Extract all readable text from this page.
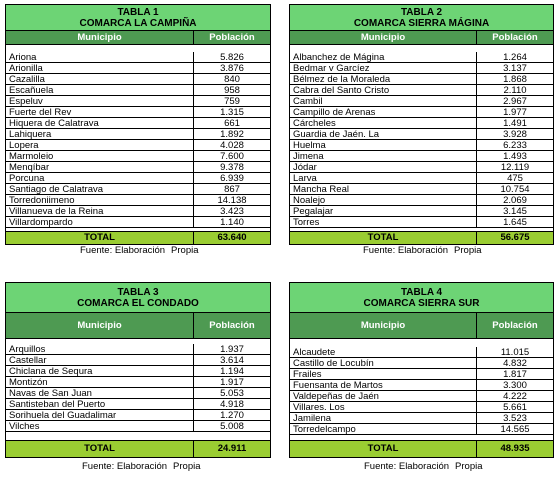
TABLA 1
COMARCA LA CAMPIÑA
Municipio	Población
Ariona	5.826
Arionilla	3.876
Cazalilla	840
Escañuela	958
Espeluv	759
Fuerte del Rev	1.315
Hiquera de Calatrava	661
Lahiquera	1.892
Lopera	4.028
Marmoleio	7.600
Menqíbar	9.378
Porcuna	6.939
Santiago de Calatrava	867
Torredoniimeno	14.138
Villanueva de la Reina	3.423
Villardompardo	1.140
TOTAL	63.640
Fuente: Elaboración Propia
TABLA 2
COMARCA SIERRA MÁGINA
Municipio	Población
Albanchez de Mágina	1.264
Bedmar v Garcíez	3.137
Bélmez de la Moraleda	1.868
Cabra del Santo Cristo	2.110
Cambil	2.967
Campillo de Arenas	1.977
Cárcheles	1.491
Guardia de Jaén. La	3.928
Huelma	6.233
Jimena	1.493
Jódar	12.119
Larva	475
Mancha Real	10.754
Noalejo	2.069
Pegalajar	3.145
Torres	1.645
TOTAL	56.675
Fuente: Elaboración Propia
TABLA 3
COMARCA EL CONDADO
Municipio	Población
Arquillos	1.937
Castellar	3.614
Chiclana de Sequra	1.194
Montizón	1.917
Navas de San Juan	5.053
Santisteban del Puerto	4.918
Sorihuela del Guadalimar	1.270
Vilches	5.008
TOTAL	24.911
Fuente: Elaboración Propia
TABLA 4
COMARCA SIERRA SUR
Municipio	Población
Alcaudete	11.015
Castillo de Locubín	4.832
Frailes	1.817
Fuensanta de Martos	3.300
Valdepeñas de Jaén	4.222
Villares. Los	5.661
Jamilena	3.523
Torredelcampo	14.565
TOTAL	48.935
Fuente: Elaboración Propia
